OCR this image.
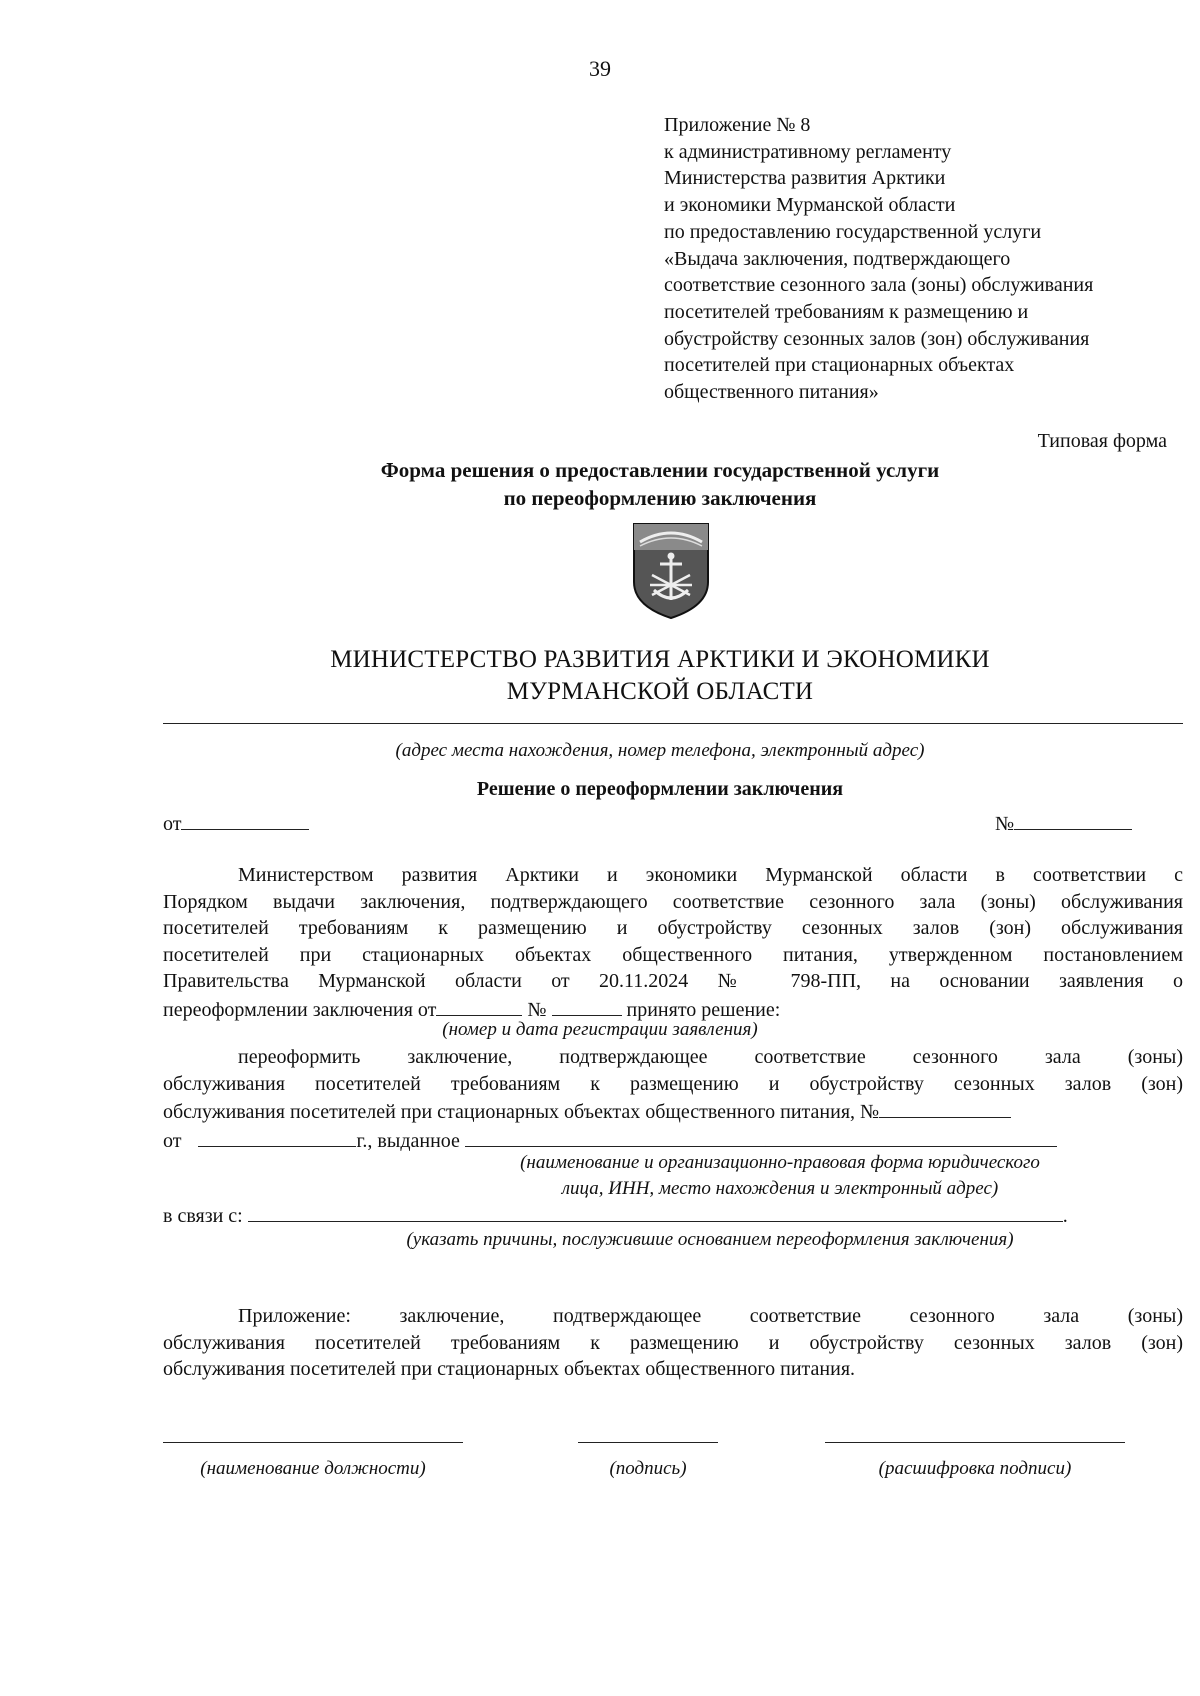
39
Приложение № 8
к административному регламенту
Министерства развития Арктики
и экономики Мурманской области
по предоставлению государственной услуги
«Выдача заключения, подтверждающего
соответствие сезонного зала (зоны) обслуживания
посетителей требованиям к размещению и
обустройству сезонных залов (зон) обслуживания
посетителей при стационарных объектах
общественного питания»
Типовая форма
Форма решения о предоставлении государственной услуги
по переоформлению заключения
МИНИСТЕРСТВО РАЗВИТИЯ АРКТИКИ И ЭКОНОМИКИ
МУРМАНСКОЙ ОБЛАСТИ
(адрес места нахождения, номер телефона, электронный адрес)
Решение о переоформлении заключения
от	№
Министерством развития Арктики и экономики Мурманской области в соответствии с
Порядком выдачи заключения, подтверждающего соответствие сезонного зала (зоны) обслуживания
посетителей требованиям к размещению и обустройству сезонных залов (зон) обслуживания
посетителей при стационарных объектах общественного питания, утвержденном постановлением
Правительства Мурманской области от 20.11.2024 № 798-ПП, на основании заявления о
переоформлении заключения от	№	принято решение:
(номер и дата регистрации заявления)
переоформить заключение, подтверждающее соответствие сезонного зала (зоны)
обслуживания посетителей требованиям к размещению и обустройству сезонных залов (зон)
обслуживания посетителей при стационарных объектах общественного питания, №
от	г., выданное
(наименование и организационно-правовая форма юридического
лица, ИНН, место нахождения и электронный адрес)
в связи с:	.
(указать причины, послужившие основанием переоформления заключения)
Приложение: заключение, подтверждающее соответствие сезонного зала (зоны)
обслуживания посетителей требованиям к размещению и обустройству сезонных залов (зон)
обслуживания посетителей при стационарных объектах общественного питания.
(наименование должности)	(подпись)	(расшифровка подписи)
